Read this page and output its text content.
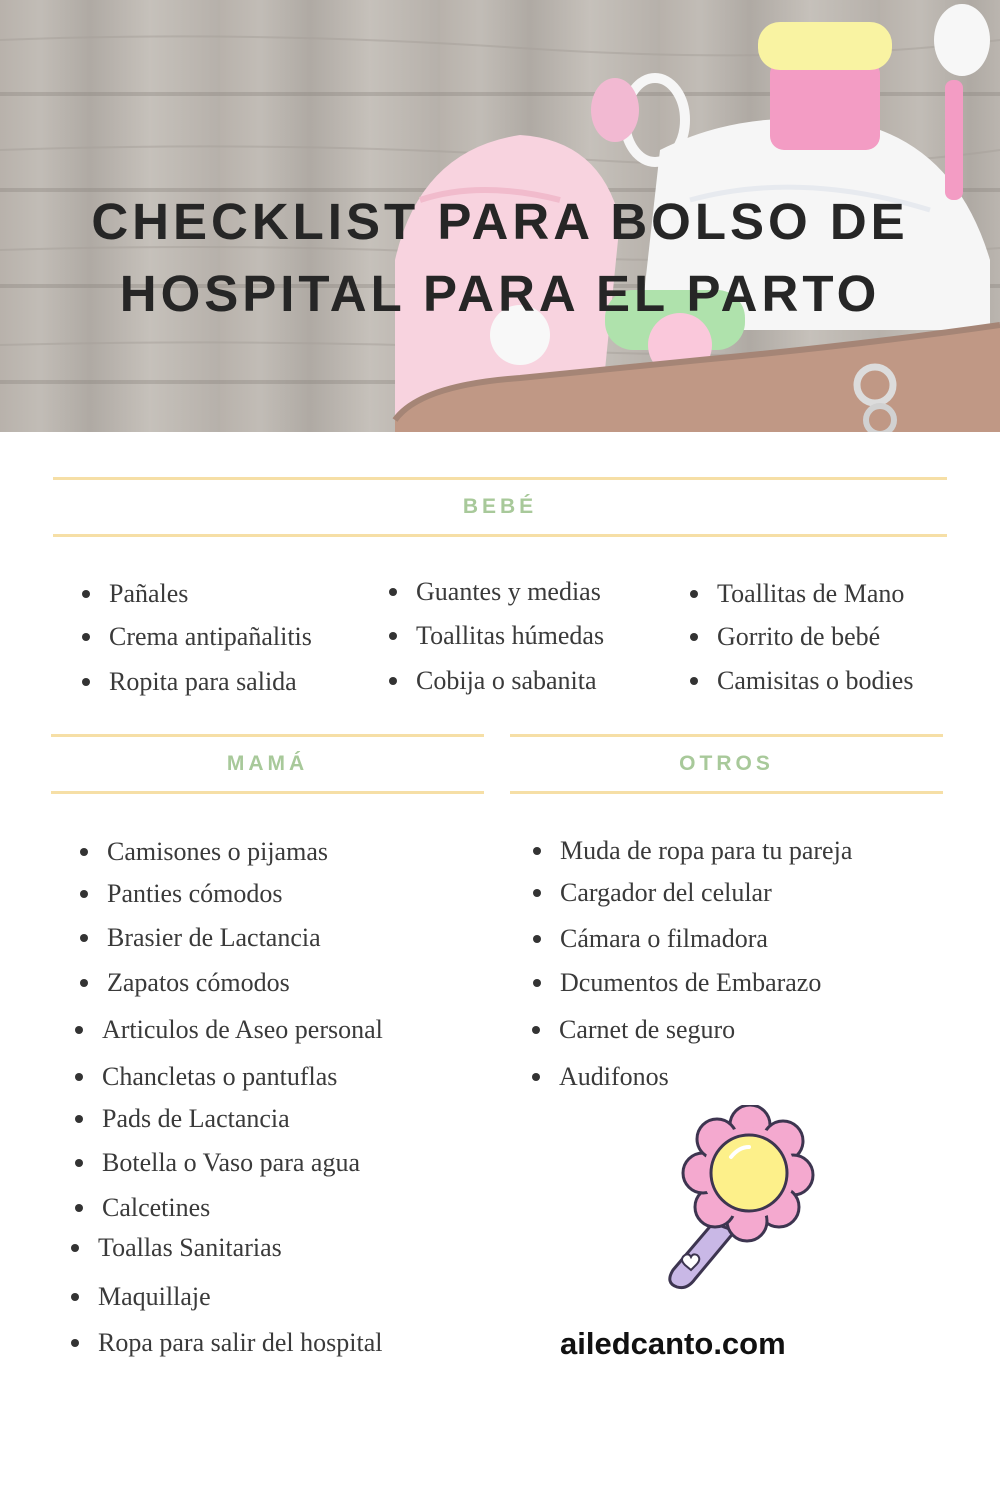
CHECKLIST PARA BOLSO DE
HOSPITAL PARA EL PARTO
BEBÉ
Pañales
Crema antipañalitis
Ropita para salida
Guantes y medias
Toallitas húmedas
Cobija o sabanita
Toallitas de Mano
Gorrito de bebé
Camisitas o bodies
MAMÁ
Camisones o pijamas
Panties cómodos
Brasier de Lactancia
Zapatos cómodos
Articulos de Aseo personal
Chancletas o pantuflas
Pads de Lactancia
Botella o Vaso para agua
Calcetines
Toallas Sanitarias
Maquillaje
Ropa para salir del hospital
OTROS
Muda de ropa para tu pareja
Cargador del celular
Cámara o filmadora
Dcumentos de Embarazo
Carnet de seguro
Audifonos
ailedcanto.com
